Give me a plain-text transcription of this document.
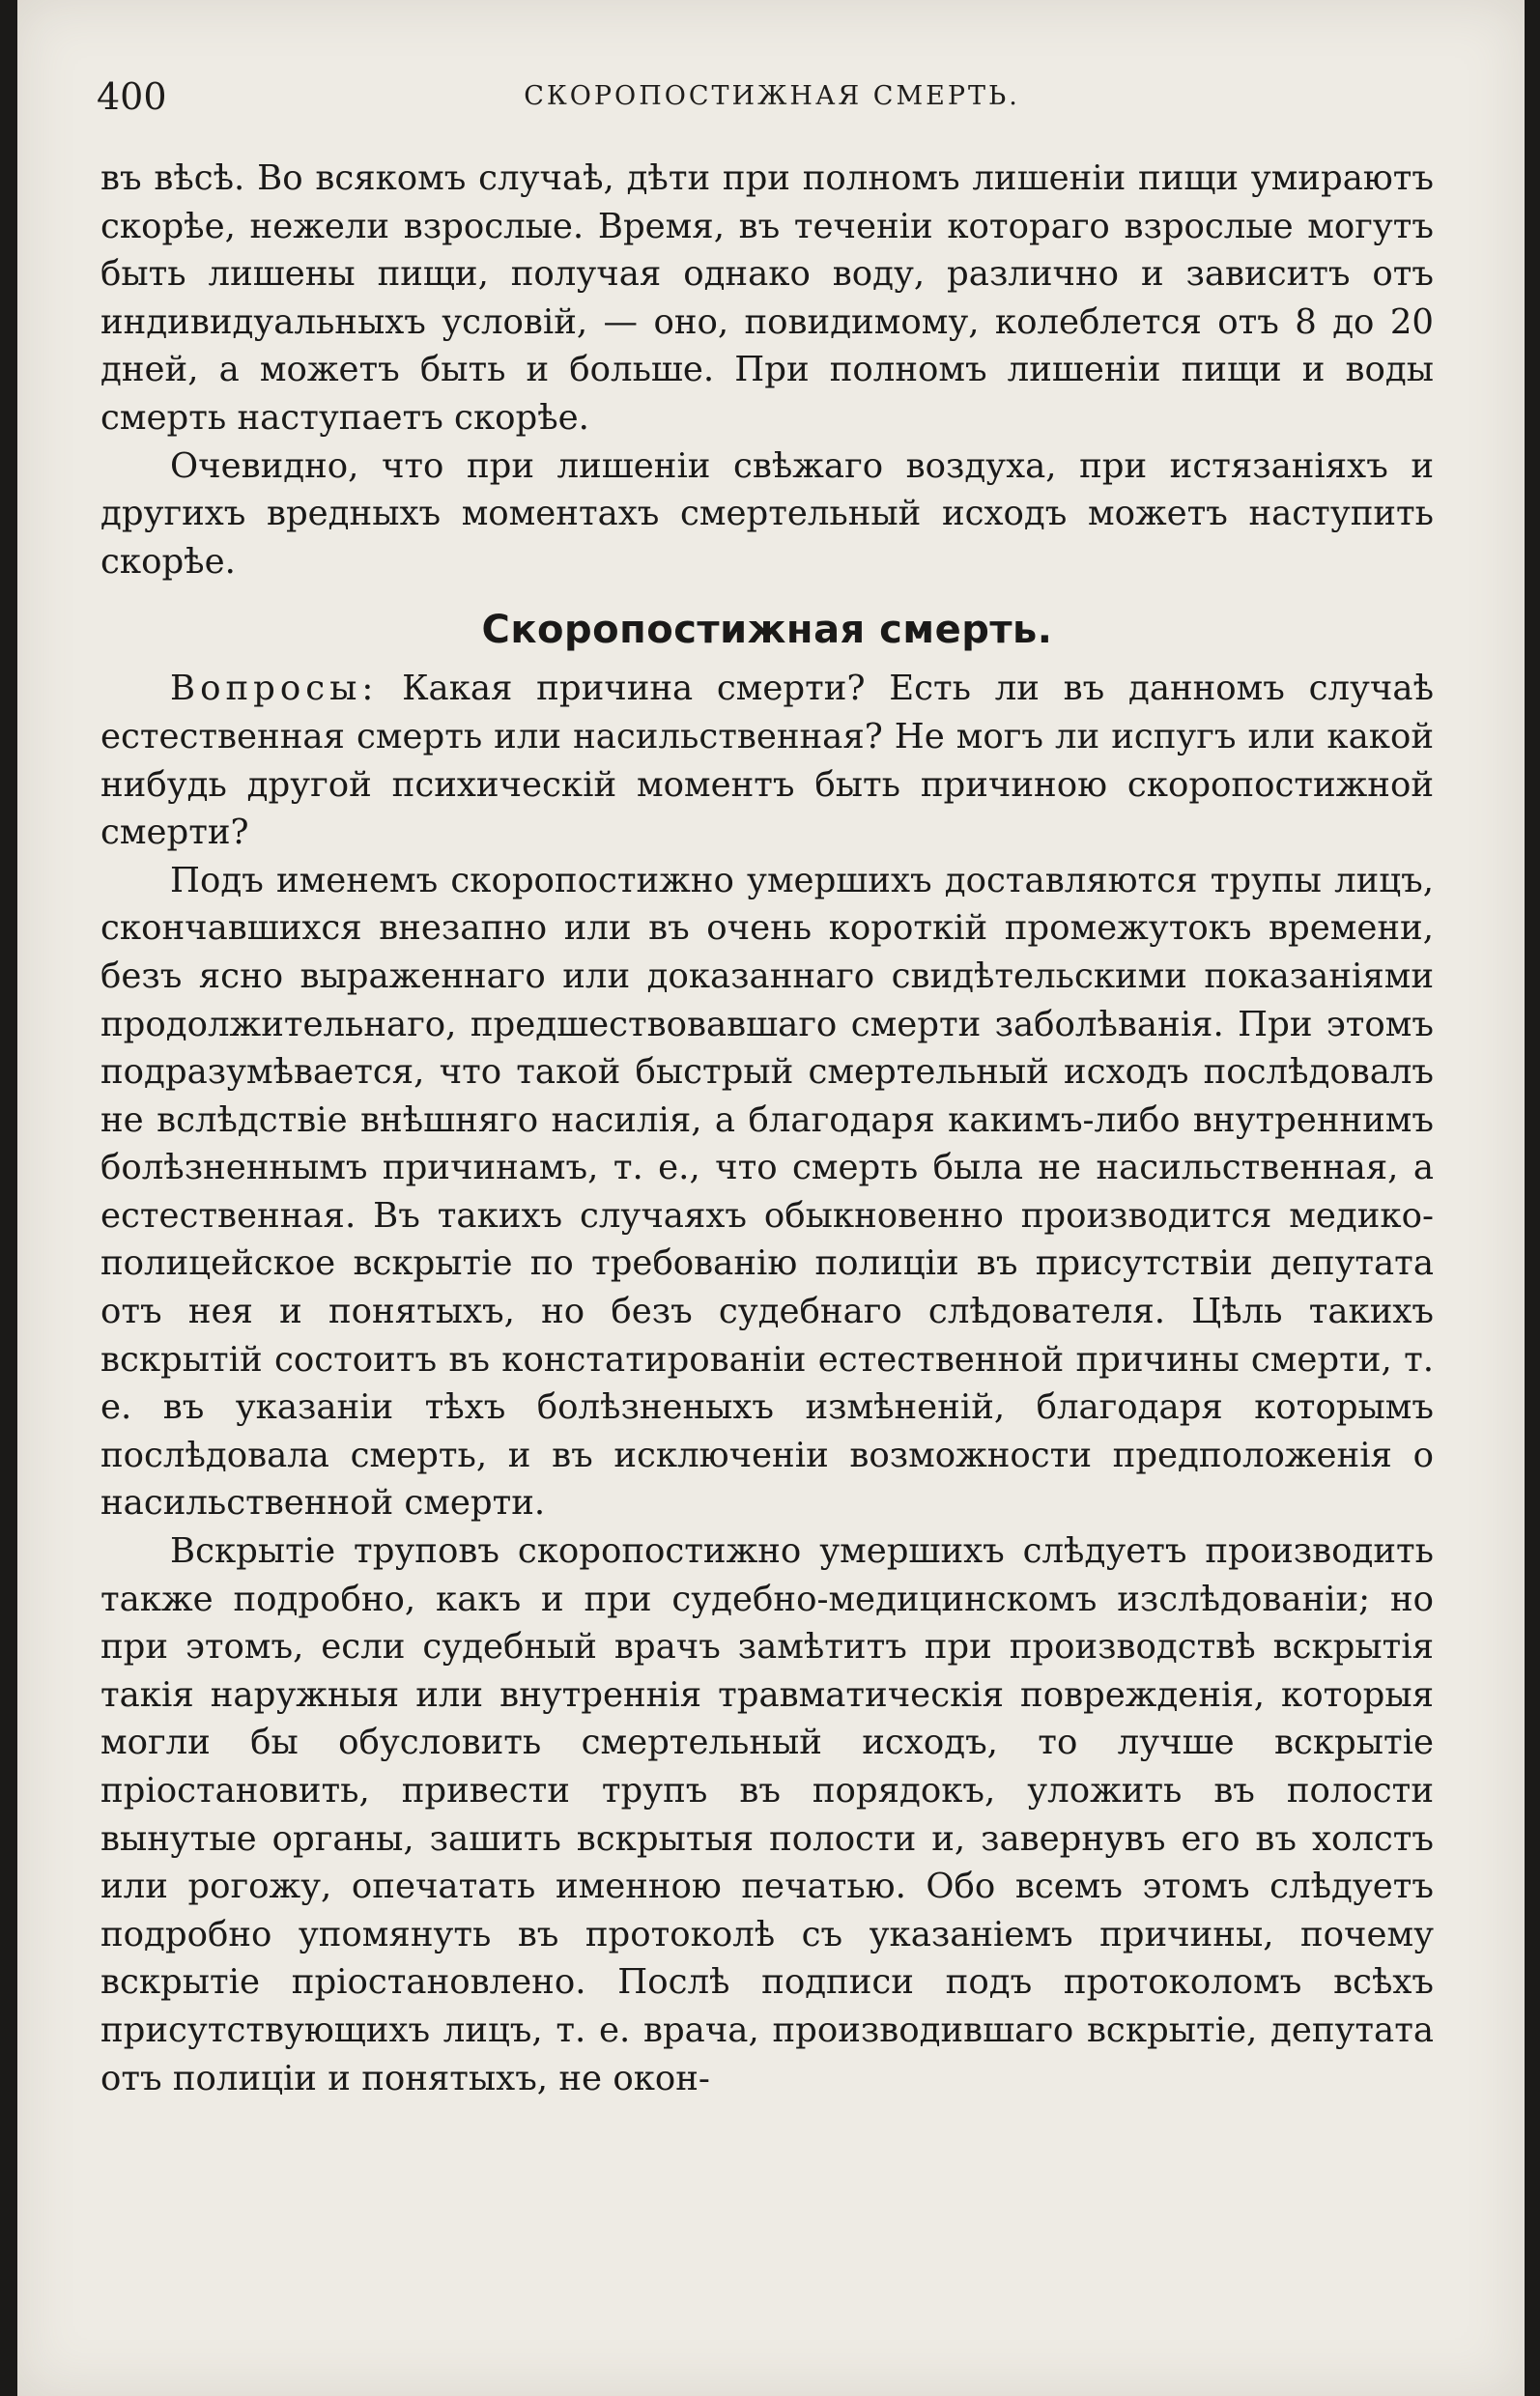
400	СКОРОПОСТИЖНАЯ СМЕРТЬ.

въ вѣсѣ. Во всякомъ случаѣ, дѣти при полномъ лишеніи пищи умираютъ скорѣе, нежели взрослые. Время, въ теченіи котораго взрослые могутъ быть лишены пищи, получая однако воду, различно и зависитъ отъ индивидуальныхъ условій, — оно, повидимому, колеблется отъ 8 до 20 дней, а можетъ быть и больше. При полномъ лишеніи пищи и воды смерть наступаетъ скорѣе.

Очевидно, что при лишеніи свѣжаго воздуха, при истязаніяхъ и другихъ вредныхъ моментахъ смертельный исходъ можетъ наступить скорѣе.

Скоропостижная смерть.

Вопросы: Какая причина смерти? Есть ли въ данномъ случаѣ естественная смерть или насильственная? Не могъ ли испугъ или какой нибудь другой психическій моментъ быть причиною скоропостижной смерти?

Подъ именемъ скоропостижно умершихъ доставляются трупы лицъ, скончавшихся внезапно или въ очень короткій промежутокъ времени, безъ ясно выраженнаго или доказаннаго свидѣтельскими показаніями продолжительнаго, предшествовавшаго смерти заболѣванія. При этомъ подразумѣвается, что такой быстрый смертельный исходъ послѣдовалъ не вслѣдствіе внѣшняго насилія, а благодаря какимъ-либо внутреннимъ болѣзненнымъ причинамъ, т. е., что смерть была не насильственная, а естественная. Въ такихъ случаяхъ обыкновенно производится медико-полицейское вскрытіе по требованію полиціи въ присутствіи депутата отъ нея и понятыхъ, но безъ судебнаго слѣдователя. Цѣль такихъ вскрытій состоитъ въ констатированіи естественной причины смерти, т. е. въ указаніи тѣхъ болѣзненыхъ измѣненій, благодаря которымъ послѣдовала смерть, и въ исключеніи возможности предположенія о насильственной смерти.

Вскрытіе труповъ скоропостижно умершихъ слѣдуетъ производить также подробно, какъ и при судебно-медицинскомъ изслѣдованіи; но при этомъ, если судебный врачъ замѣтитъ при производствѣ вскрытія такія наружныя или внутреннія травматическія поврежденія, которыя могли бы обусловить смертельный исходъ, то лучше вскрытіе пріостановить, привести трупъ въ порядокъ, уложить въ полости вынутые органы, зашить вскрытыя полости и, завернувъ его въ холстъ или рогожу, опечатать именною печатью. Обо всемъ этомъ слѣдуетъ подробно упомянуть въ протоколѣ съ указаніемъ причины, почему вскрытіе пріостановлено. Послѣ подписи подъ протоколомъ всѣхъ присутствующихъ лицъ, т. е. врача, производившаго вскрытіе, депутата отъ полиціи и понятыхъ, не окон-
